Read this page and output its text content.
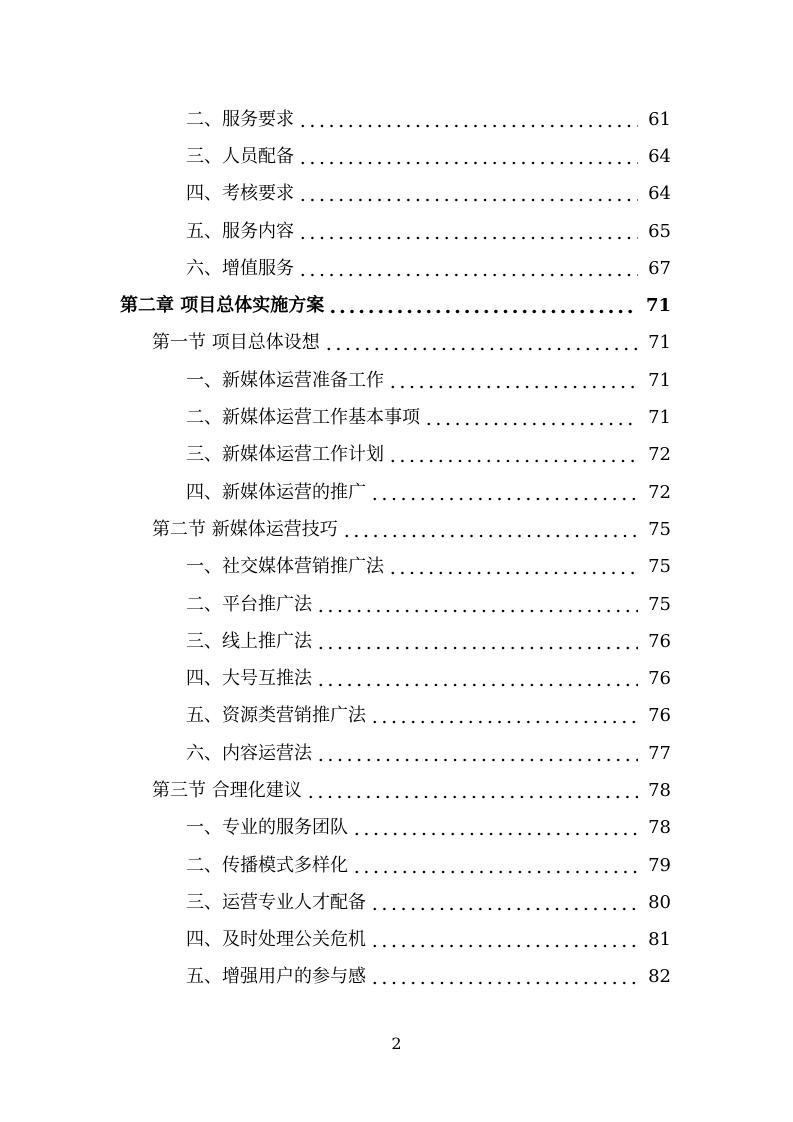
二、服务要求	61
三、人员配备	64
四、考核要求	64
五、服务内容	65
六、增值服务	67
第二章 项目总体实施方案	71
第一节 项目总体设想	71
一、新媒体运营准备工作	71
二、新媒体运营工作基本事项	71
三、新媒体运营工作计划	72
四、新媒体运营的推广	72
第二节 新媒体运营技巧	75
一、社交媒体营销推广法	75
二、平台推广法	75
三、线上推广法	76
四、大号互推法	76
五、资源类营销推广法	76
六、内容运营法	77
第三节 合理化建议	78
一、专业的服务团队	78
二、传播模式多样化	79
三、运营专业人才配备	80
四、及时处理公关危机	81
五、增强用户的参与感	82
2
